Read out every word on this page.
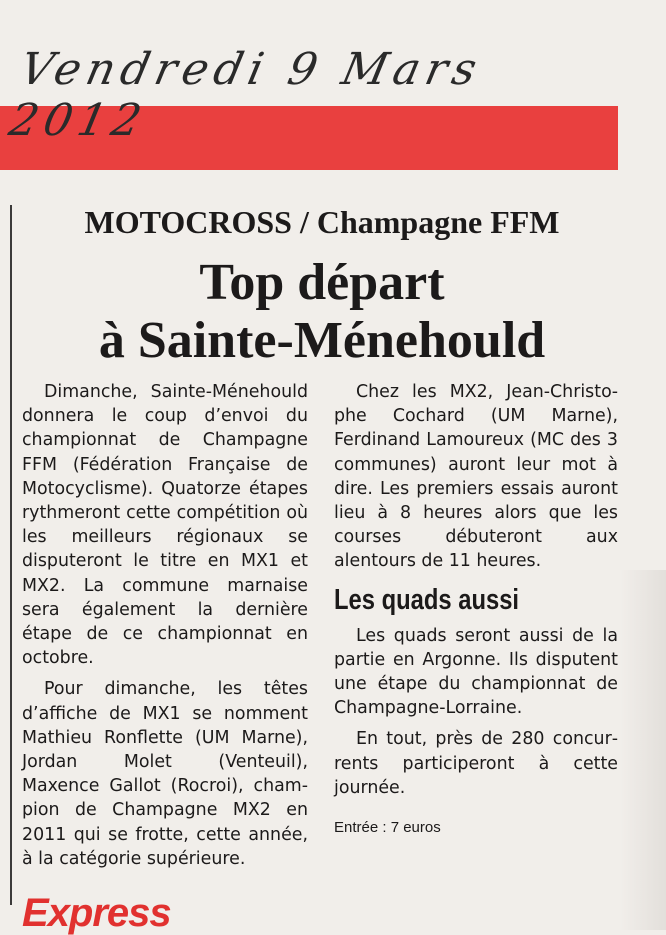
Vendredi 9 Mars 2012
MOTOCROSS / Champagne FFM
Top départ
à Sainte-Ménehould

Dimanche, Sainte-Ménehould donnera le coup d’envoi du championnat de Champagne FFM (Fédération Française de Motocyclisme). Quatorze étapes rythmeront cette compétition où les meilleurs régionaux se disputeront le titre en MX1 et MX2. La commune marnaise sera également la dernière étape de ce championnat en octobre.

Pour dimanche, les têtes d’affiche de MX1 se nomment Mathieu Ronflette (UM Marne), Jordan Molet (Venteuil), Maxence Gallot (Rocroi), champion de Champagne MX2 en 2011 qui se frotte, cette année, à la catégorie supérieure.

Chez les MX2, Jean-Christophe Cochard (UM Marne), Ferdinand Lamoureux (MC des 3 communes) auront leur mot à dire. Les premiers essais auront lieu à 8 heures alors que les courses débuteront aux alentours de 11 heures.

Les quads aussi

Les quads seront aussi de la partie en Argonne. Ils disputent une étape du championnat de Champagne-Lorraine.

En tout, près de 280 concurrents participeront à cette journée.

Entrée : 7 euros
Express
